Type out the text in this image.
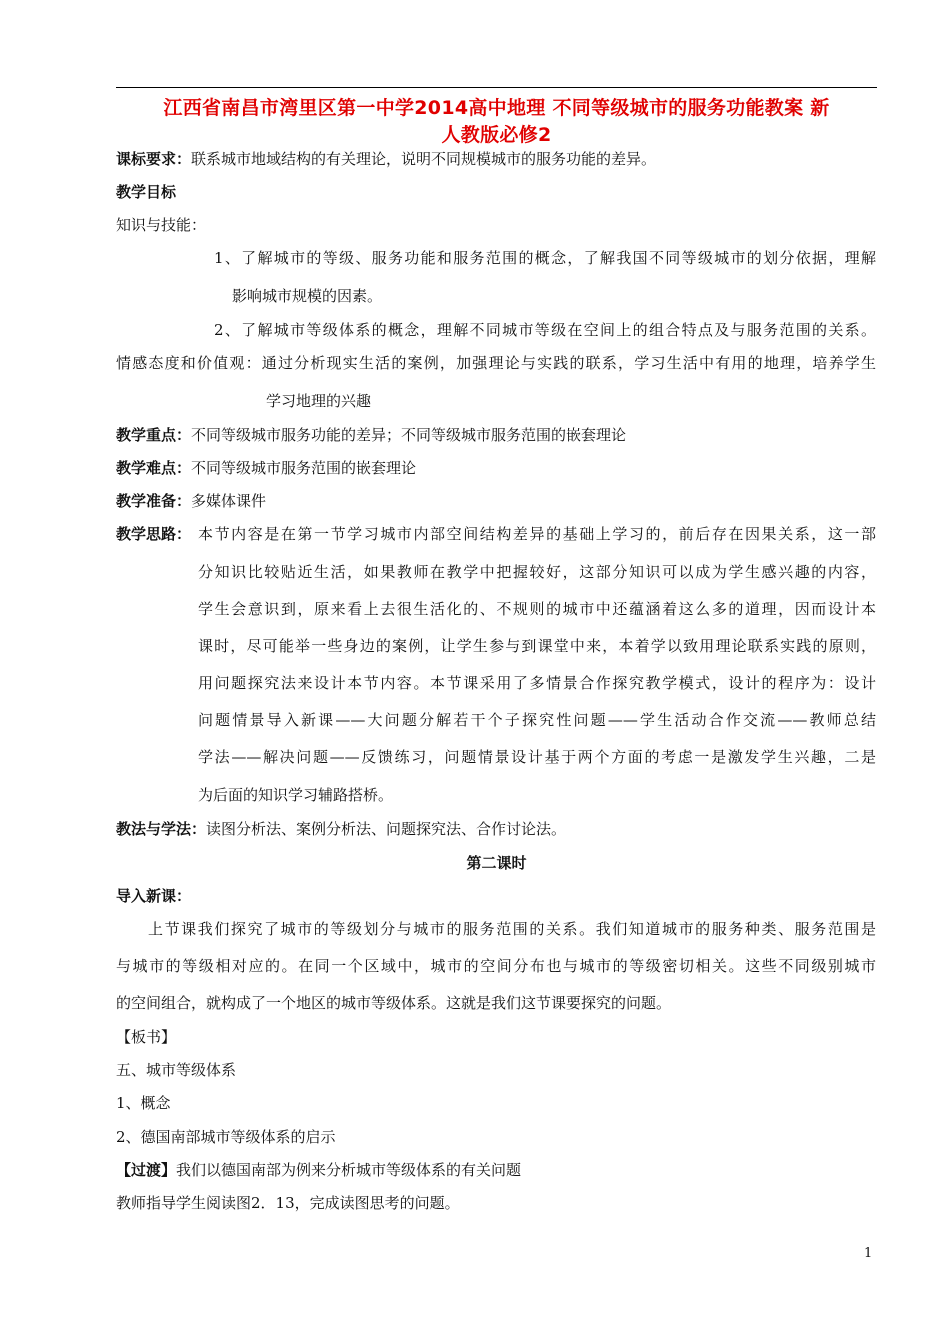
江西省南昌市湾里区第一中学2014高中地理 不同等级城市的服务功能教案 新
人教版必修2
课标要求：联系城市地域结构的有关理论，说明不同规模城市的服务功能的差异。
教学目标
知识与技能：
1、了解城市的等级、服务功能和服务范围的概念，了解我国不同等级城市的划分依据，理解
影响城市规模的因素。
2、了解城市等级体系的概念，理解不同城市等级在空间上的组合特点及与服务范围的关系。
情感态度和价值观：通过分析现实生活的案例，加强理论与实践的联系，学习生活中有用的地理，培养学生
学习地理的兴趣
教学重点：不同等级城市服务功能的差异；不同等级城市服务范围的嵌套理论
教学难点：不同等级城市服务范围的嵌套理论
教学准备：多媒体课件
教学思路： 本节内容是在第一节学习城市内部空间结构差异的基础上学习的，前后存在因果关系，这一部
分知识比较贴近生活，如果教师在教学中把握较好，这部分知识可以成为学生感兴趣的内容，
学生会意识到，原来看上去很生活化的、不规则的城市中还蕴涵着这么多的道理，因而设计本
课时，尽可能举一些身边的案例，让学生参与到课堂中来，本着学以致用理论联系实践的原则，
用问题探究法来设计本节内容。本节课采用了多情景合作探究教学模式，设计的程序为：设计
问题情景导入新课——大问题分解若干个子探究性问题——学生活动合作交流——教师总结
学法——解决问题——反馈练习，问题情景设计基于两个方面的考虑一是激发学生兴趣，二是
为后面的知识学习辅路搭桥。
教法与学法：读图分析法、案例分析法、问题探究法、合作讨论法。
第二课时
导入新课：
上节课我们探究了城市的等级划分与城市的服务范围的关系。我们知道城市的服务种类、服务范围是
与城市的等级相对应的。在同一个区域中，城市的空间分布也与城市的等级密切相关。这些不同级别城市
的空间组合，就构成了一个地区的城市等级体系。这就是我们这节课要探究的问题。
【板书】
五、城市等级体系
1、概念
2、德国南部城市等级体系的启示
【过渡】我们以德国南部为例来分析城市等级体系的有关问题
教师指导学生阅读图2．13，完成读图思考的问题。
1
